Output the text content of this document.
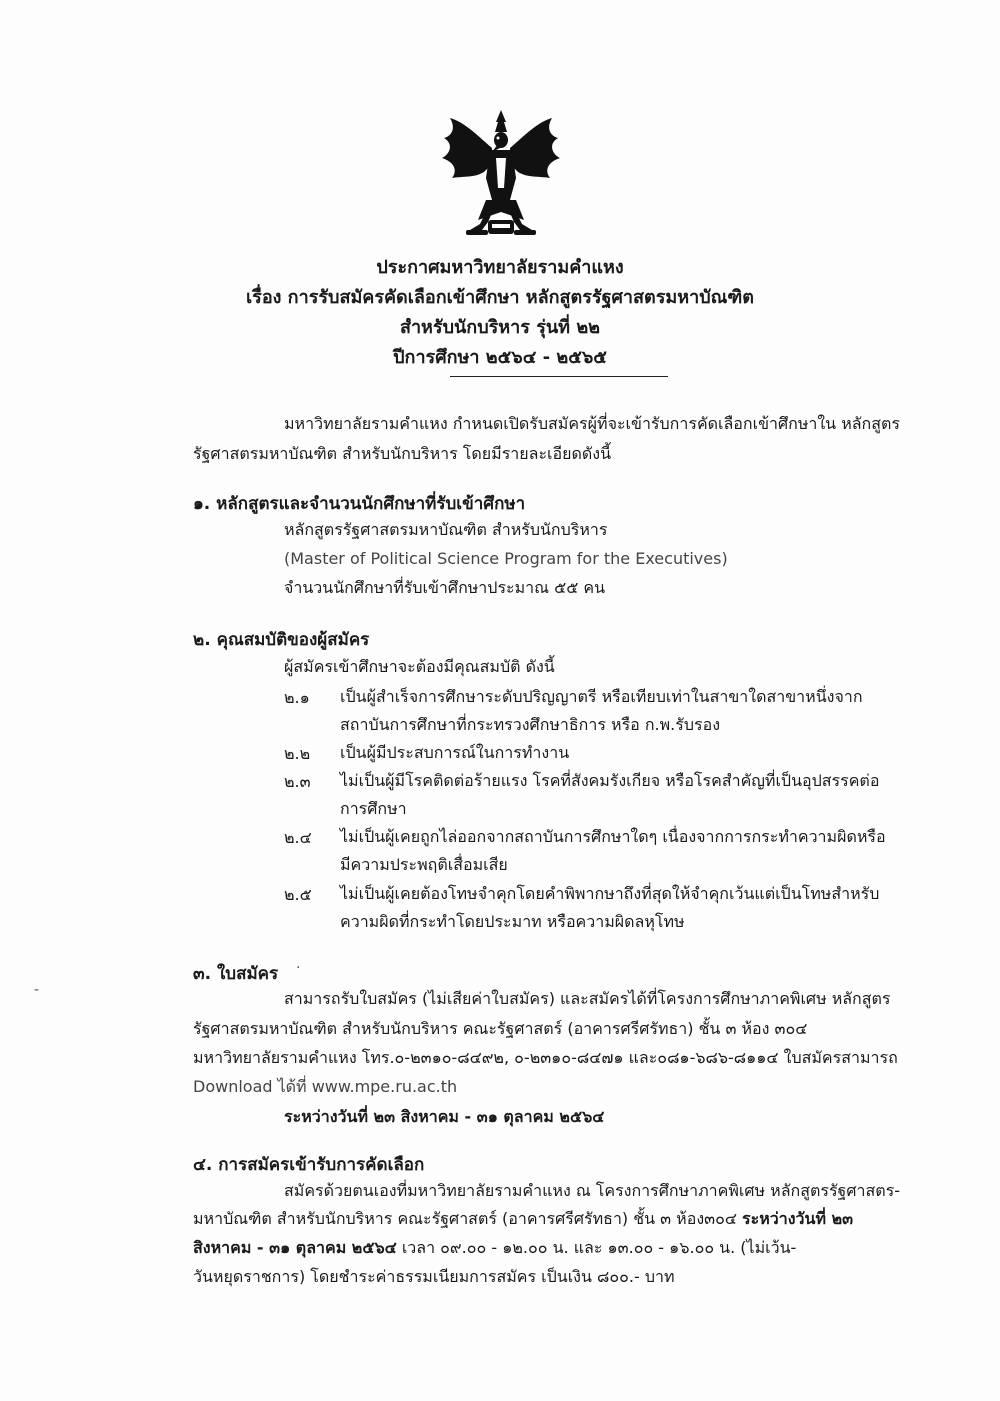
ประกาศมหาวิทยาลัยรามคำแหง
เรื่อง การรับสมัครคัดเลือกเข้าศึกษา หลักสูตรรัฐศาสตรมหาบัณฑิต
สำหรับนักบริหาร รุ่นที่ ๒๒
ปีการศึกษา ๒๕๖๔ - ๒๕๖๕
มหาวิทยาลัยรามคำแหง กำหนดเปิดรับสมัครผู้ที่จะเข้ารับการคัดเลือกเข้าศึกษาใน หลักสูตร
รัฐศาสตรมหาบัณฑิต สำหรับนักบริหาร โดยมีรายละเอียดดังนี้
๑. หลักสูตรและจำนวนนักศึกษาที่รับเข้าศึกษา
หลักสูตรรัฐศาสตรมหาบัณฑิต สำหรับนักบริหาร
(Master of Political Science Program for the Executives)
จำนวนนักศึกษาที่รับเข้าศึกษาประมาณ ๕๕ คน
๒. คุณสมบัติของผู้สมัคร
ผู้สมัครเข้าศึกษาจะต้องมีคุณสมบัติ ดังนี้
๒.๑ เป็นผู้สำเร็จการศึกษาระดับปริญญาตรี หรือเทียบเท่าในสาขาใดสาขาหนึ่งจาก
สถาบันการศึกษาที่กระทรวงศึกษาธิการ หรือ ก.พ.รับรอง
๒.๒ เป็นผู้มีประสบการณ์ในการทำงาน
๒.๓ ไม่เป็นผู้มีโรคติดต่อร้ายแรง โรคที่สังคมรังเกียจ หรือโรคสำคัญที่เป็นอุปสรรคต่อ
การศึกษา
๒.๔ ไม่เป็นผู้เคยถูกไล่ออกจากสถาบันการศึกษาใดๆ เนื่องจากการกระทำความผิดหรือ
มีความประพฤติเสื่อมเสีย
๒.๕ ไม่เป็นผู้เคยต้องโทษจำคุกโดยคำพิพากษาถึงที่สุดให้จำคุกเว้นแต่เป็นโทษสำหรับ
ความผิดที่กระทำโดยประมาท หรือความผิดลหุโทษ
๓. ใบสมัคร ·
-	สามารถรับใบสมัคร (ไม่เสียค่าใบสมัคร) และสมัครได้ที่โครงการศึกษาภาคพิเศษ หลักสูตร
รัฐศาสตรมหาบัณฑิต สำหรับนักบริหาร คณะรัฐศาสตร์ (อาคารศรีศรัทธา) ชั้น ๓ ห้อง ๓๐๔
มหาวิทยาลัยรามคำแหง โทร.๐-๒๓๑๐-๘๔๙๒, ๐-๒๓๑๐-๘๔๗๑ และ๐๘๑-๖๘๖-๘๑๑๔ ใบสมัครสามารถ
Download ได้ที่ www.mpe.ru.ac.th
ระหว่างวันที่ ๒๓ สิงหาคม - ๓๑ ตุลาคม ๒๕๖๔
๔. การสมัครเข้ารับการคัดเลือก
สมัครด้วยตนเองที่มหาวิทยาลัยรามคำแหง ณ โครงการศึกษาภาคพิเศษ หลักสูตรรัฐศาสตร-
มหาบัณฑิต สำหรับนักบริหาร คณะรัฐศาสตร์ (อาคารศรีศรัทธา) ชั้น ๓ ห้อง๓๐๔ ระหว่างวันที่ ๒๓
สิงหาคม - ๓๑ ตุลาคม ๒๕๖๔ เวลา ๐๙.๐๐ - ๑๒.๐๐ น. และ ๑๓.๐๐ - ๑๖.๐๐ น. (ไม่เว้น-
วันหยุดราชการ) โดยชำระค่าธรรมเนียมการสมัคร เป็นเงิน ๘๐๐.- บาท
